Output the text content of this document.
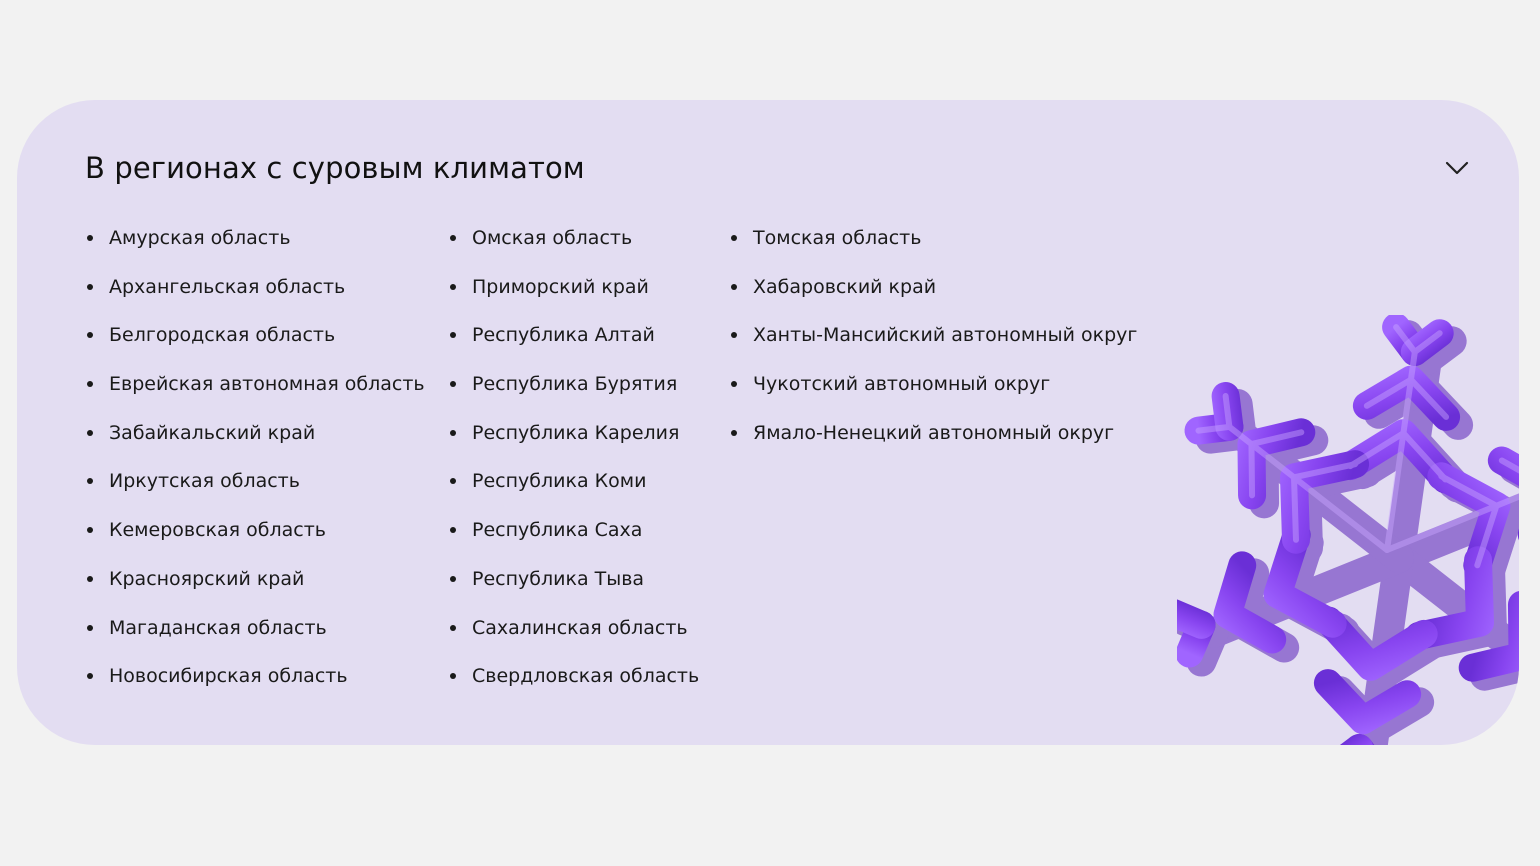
В регионах с суровым климатом
Амурская область
Архангельская область
Белгородская область
Еврейская автономная область
Забайкальский край
Иркутская область
Кемеровская область
Красноярский край
Магаданская область
Новосибирская область
Омская область
Приморский край
Республика Алтай
Республика Бурятия
Республика Карелия
Республика Коми
Республика Саха
Республика Тыва
Сахалинская область
Свердловская область
Томская область
Хабаровский край
Ханты-Мансийский автономный округ
Чукотский автономный округ
Ямало-Ненецкий автономный округ
